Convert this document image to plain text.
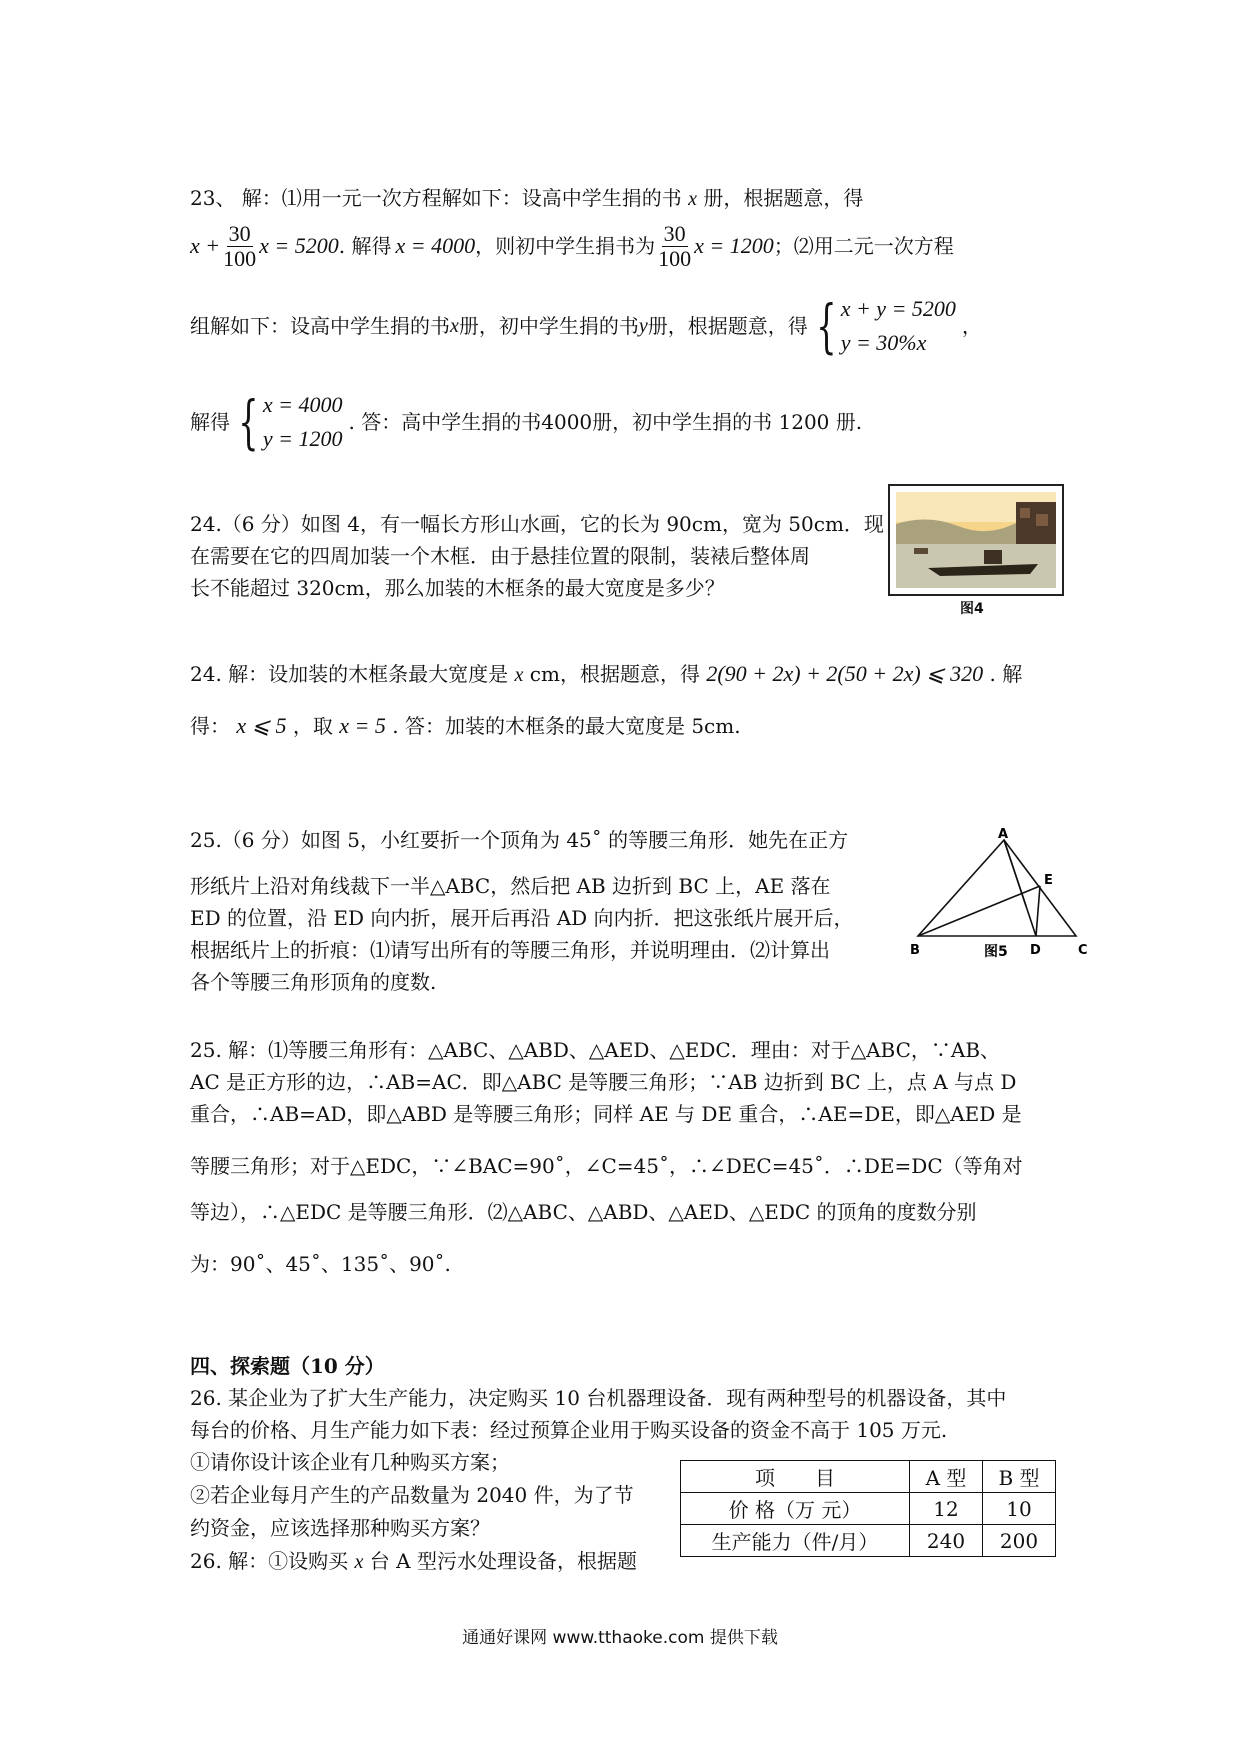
23、 解：⑴用一元一次方程解如下：设高中学生捐的书 x 册，根据题意，得
$x + \frac{30}{100}$ x = 5200 . 解得 x = 4000 ，则初中学生捐书为 $\frac{30}{100}$ x = 1200 ；⑵用二元一次方程
组解如下：设高中学生捐的书 x 册，初中学生捐的书 y 册，根据题意，得 { x + y = 5200
y = 30%x
，
解得 { x = 4000
y = 1200
. 答：高中学生捐的书4000册，初中学生捐的书 1200 册.
24.（6 分）如图 4，有一幅长方形山水画，它的长为 90cm，宽为 50cm．现
在需要在它的四周加装一个木框．由于悬挂位置的限制，装裱后整体周
长不能超过 320cm，那么加装的木框条的最大宽度是多少？
图4
24. 解：设加装的木框条最大宽度是 x cm，根据题意，得 2(90 + 2x) + 2(50 + 2x) ⩽ 320 . 解
得： x ⩽ 5 ，取 x = 5 . 答：加装的木框条的最大宽度是 5cm.
25.（6 分）如图 5，小红要折一个顶角为 45˚ 的等腰三角形．她先在正方
形纸片上沿对角线裁下一半△ABC，然后把 AB 边折到 BC 上，AE 落在
ED 的位置，沿 ED 向内折，展开后再沿 AD 向内折．把这张纸片展开后，
根据纸片上的折痕：⑴请写出所有的等腰三角形，并说明理由．⑵计算出
各个等腰三角形顶角的度数.
A
E
B	D	C
图5
25. 解：⑴等腰三角形有：△ABC、△ABD、△AED、△EDC．理由：对于△ABC，∵AB、
AC 是正方形的边，∴AB=AC．即△ABC 是等腰三角形；∵AB 边折到 BC 上，点 A 与点 D
重合，∴AB=AD，即△ABD 是等腰三角形；同样 AE 与 DE 重合，∴AE=DE，即△AED 是
等腰三角形；对于△EDC，∵∠BAC=90˚，∠C=45˚，∴∠DEC=45˚．∴DE=DC（等角对
等边），∴△EDC 是等腰三角形．⑵△ABC、△ABD、△AED、△EDC 的顶角的度数分别
为：90˚、45˚、135˚、90˚.
四、探索题（10 分）
26. 某企业为了扩大生产能力，决定购买 10 台机器理设备．现有两种型号的机器设备，其中
每台的价格、月生产能力如下表：经过预算企业用于购买设备的资金不高于 105 万元.
①请你设计该企业有几种购买方案；
②若企业每月产生的产品数量为 2040 件，为了节
约资金，应该选择那种购买方案？
26. 解：①设购买 x 台 A 型污水处理设备，根据题
项　　目	A 型	B 型
价 格（万 元）	12	10
生产能力（件/月）	240	200
通通好课网 www.tthaoke.com 提供下载
